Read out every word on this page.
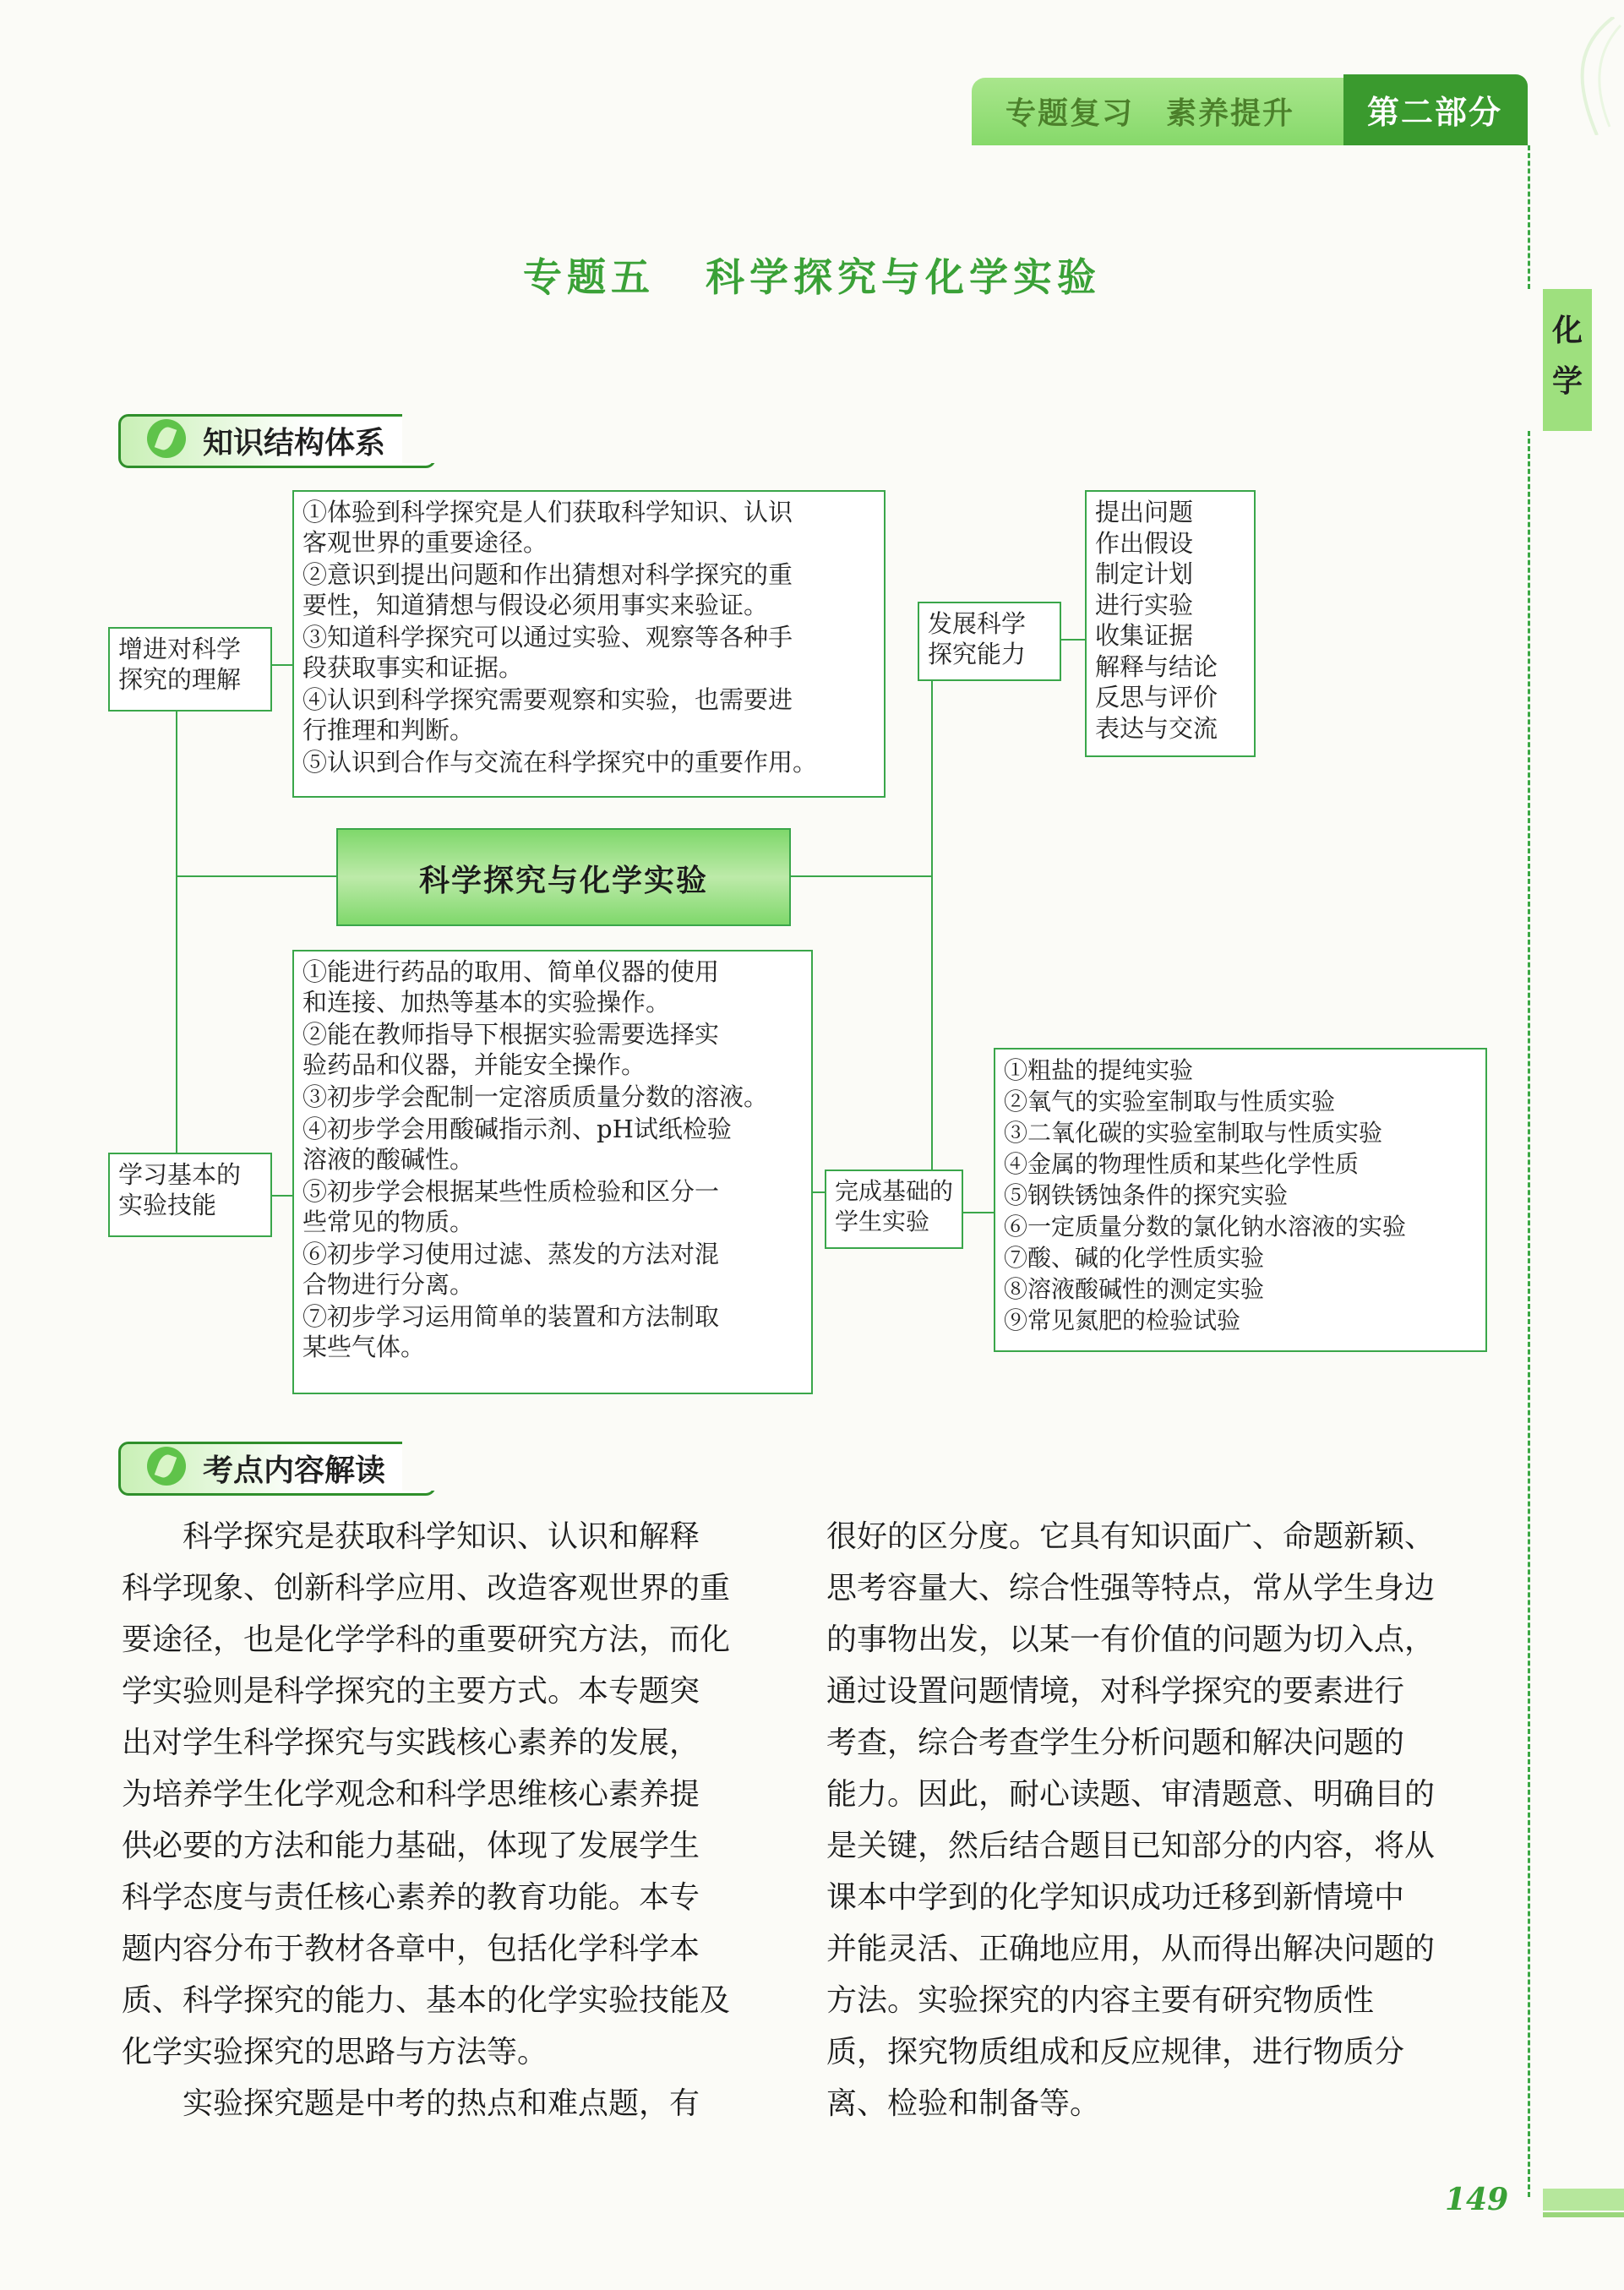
专题复习　素养提升 第二部分
化
学
专题五 科学探究与化学实验
知识结构体系
增进对科学
探究的理解
①体验到科学探究是人们获取科学知识、认识
客观世界的重要途径。
②意识到提出问题和作出猜想对科学探究的重
要性，知道猜想与假设必须用事实来验证。
③知道科学探究可以通过实验、观察等各种手
段获取事实和证据。
④认识到科学探究需要观察和实验，也需要进
行推理和判断。
⑤认识到合作与交流在科学探究中的重要作用。
科学探究与化学实验
发展科学
探究能力
提出问题
作出假设
制定计划
进行实验
收集证据
解释与结论
反思与评价
表达与交流
学习基本的
实验技能
①能进行药品的取用、简单仪器的使用
和连接、加热等基本的实验操作。
②能在教师指导下根据实验需要选择实
验药品和仪器，并能安全操作。
③初步学会配制一定溶质质量分数的溶液。
④初步学会用酸碱指示剂、pH试纸检验
溶液的酸碱性。
⑤初步学会根据某些性质检验和区分一
些常见的物质。
⑥初步学习使用过滤、蒸发的方法对混
合物进行分离。
⑦初步学习运用简单的装置和方法制取
某些气体。
完成基础的
学生实验
①粗盐的提纯实验
②氧气的实验室制取与性质实验
③二氧化碳的实验室制取与性质实验
④金属的物理性质和某些化学性质
⑤钢铁锈蚀条件的探究实验
⑥一定质量分数的氯化钠水溶液的实验
⑦酸、碱的化学性质实验
⑧溶液酸碱性的测定实验
⑨常见氮肥的检验试验
考点内容解读

科学探究是获取科学知识、认识和解释

科学现象、创新科学应用、改造客观世界的重

要途径，也是化学学科的重要研究方法，而化

学实验则是科学探究的主要方式。本专题突

出对学生科学探究与实践核心素养的发展，

为培养学生化学观念和科学思维核心素养提

供必要的方法和能力基础，体现了发展学生

科学态度与责任核心素养的教育功能。本专

题内容分布于教材各章中，包括化学科学本

质、科学探究的能力、基本的化学实验技能及

化学实验探究的思路与方法等。

实验探究题是中考的热点和难点题，有

很好的区分度。它具有知识面广、命题新颖、

思考容量大、综合性强等特点，常从学生身边

的事物出发，以某一有价值的问题为切入点，

通过设置问题情境，对科学探究的要素进行

考查，综合考查学生分析问题和解决问题的

能力。因此，耐心读题、审清题意、明确目的

是关键，然后结合题目已知部分的内容，将从

课本中学到的化学知识成功迁移到新情境中

并能灵活、正确地应用，从而得出解决问题的

方法。实验探究的内容主要有研究物质性

质，探究物质组成和反应规律，进行物质分

离、检验和制备等。

149
